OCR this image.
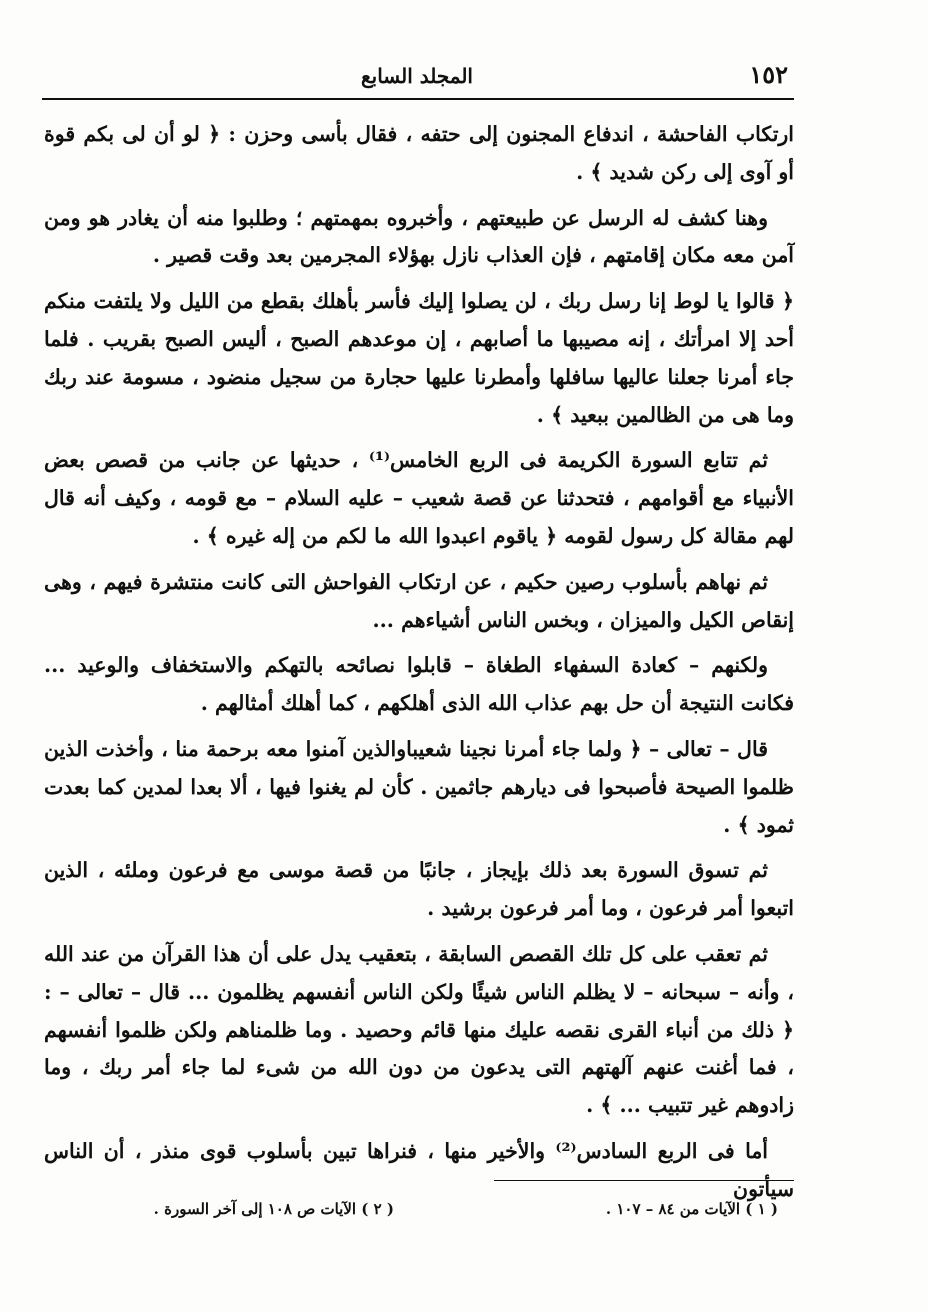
١٥٢
المجلد السابع

ارتكاب الفاحشة ، اندفاع المجنون إلى حتفه ، فقال بأسى وحزن : ﴿ لو أن لى بكم قوة أو آوى إلى ركن شديد ﴾ .

وهنا كشف له الرسل عن طبيعتهم ، وأخبروه بمهمتهم ؛ وطلبوا منه أن يغادر هو ومن آمن معه مكان إقامتهم ، فإن العذاب نازل بهؤلاء المجرمين بعد وقت قصير .

﴿ قالوا يا لوط إنا رسل ربك ، لن يصلوا إليك فأسر بأهلك بقطع من الليل ولا يلتفت منكم أحد إلا امرأتك ، إنه مصيبها ما أصابهم ، إن موعدهم الصبح ، أليس الصبح بقريب . فلما جاء أمرنا جعلنا عاليها سافلها وأمطرنا عليها حجارة من سجيل منضود ، مسومة عند ربك وما هى من الظالمين ببعيد ﴾ .

ثم تتابع السورة الكريمة فى الربع الخامس⁽¹⁾ ، حديثها عن جانب من قصص بعض الأنبياء مع أقوامهم ، فتحدثنا عن قصة شعيب – عليه السلام – مع قومه ، وكيف أنه قال لهم مقالة كل رسول لقومه ﴿ ياقوم اعبدوا الله ما لكم من إله غيره ﴾ .

ثم نهاهم بأسلوب رصين حكيم ، عن ارتكاب الفواحش التى كانت منتشرة فيهم ، وهى إنقاص الكيل والميزان ، وبخس الناس أشياءهم ...

ولكنهم – كعادة السفهاء الطغاة – قابلوا نصائحه بالتهكم والاستخفاف والوعيد ... فكانت النتيجة أن حل بهم عذاب الله الذى أهلكهم ، كما أهلك أمثالهم .

قال – تعالى – ﴿ ولما جاء أمرنا نجينا شعيباوالذين آمنوا معه برحمة منا ، وأخذت الذين ظلموا الصيحة فأصبحوا فى ديارهم جاثمين . كأن لم يغنوا فيها ، ألا بعدا لمدين كما بعدت ثمود ﴾ .

ثم تسوق السورة بعد ذلك بإيجاز ، جانبًا من قصة موسى مع فرعون وملئه ، الذين اتبعوا أمر فرعون ، وما أمر فرعون برشيد .

ثم تعقب على كل تلك القصص السابقة ، بتعقيب يدل على أن هذا القرآن من عند الله ، وأنه – سبحانه – لا يظلم الناس شيئًا ولكن الناس أنفسهم يظلمون ... قال – تعالى – : ﴿ ذلك من أنباء القرى نقصه عليك منها قائم وحصيد . وما ظلمناهم ولكن ظلموا أنفسهم ، فما أغنت عنهم آلهتهم التى يدعون من دون الله من شىء لما جاء أمر ربك ، وما زادوهم غير تتبيب ... ﴾ .

أما فى الربع السادس⁽²⁾ والأخير منها ، فنراها تبين بأسلوب قوى منذر ، أن الناس سيأتون

( ١ ) الآيات من ٨٤ – ١٠٧ .
( ٢ ) الآيات ص ١٠٨ إلى آخر السورة .
